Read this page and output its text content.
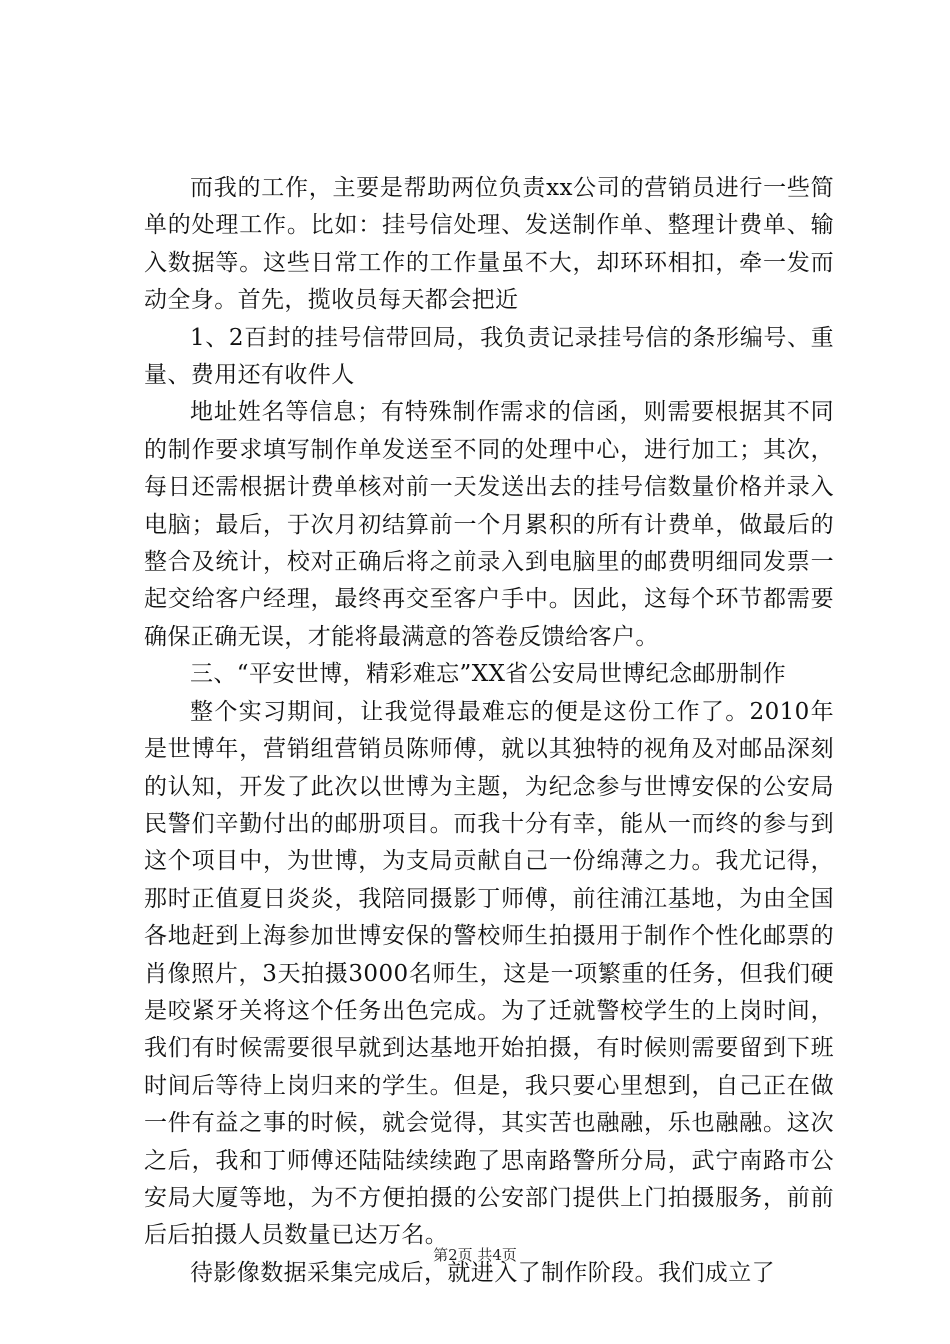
而我的工作，主要是帮助两位负责xx公司的营销员进行一些简单的处理工作。比如：挂号信处理、发送制作单、整理计费单、输入数据等。这些日常工作的工作量虽不大，却环环相扣，牵一发而动全身。首先，揽收员每天都会把近

1、2百封的挂号信带回局，我负责记录挂号信的条形编号、重量、费用还有收件人

地址姓名等信息；有特殊制作需求的信函，则需要根据其不同的制作要求填写制作单发送至不同的处理中心，进行加工；其次，每日还需根据计费单核对前一天发送出去的挂号信数量价格并录入电脑；最后，于次月初结算前一个月累积的所有计费单，做最后的整合及统计，校对正确后将之前录入到电脑里的邮费明细同发票一起交给客户经理，最终再交至客户手中。因此，这每个环节都需要确保正确无误，才能将最满意的答卷反馈给客户。

三、“平安世博，精彩难忘”XX省公安局世博纪念邮册制作

整个实习期间，让我觉得最难忘的便是这份工作了。2010年是世博年，营销组营销员陈师傅，就以其独特的视角及对邮品深刻的认知，开发了此次以世博为主题，为纪念参与世博安保的公安局民警们辛勤付出的邮册项目。而我十分有幸，能从一而终的参与到这个项目中，为世博，为支局贡献自己一份绵薄之力。我尤记得，那时正值夏日炎炎，我陪同摄影丁师傅，前往浦江基地，为由全国各地赶到上海参加世博安保的警校师生拍摄用于制作个性化邮票的肖像照片，3天拍摄3000名师生，这是一项繁重的任务，但我们硬是咬紧牙关将这个任务出色完成。为了迁就警校学生的上岗时间，我们有时候需要很早就到达基地开始拍摄，有时候则需要留到下班时间后等待上岗归来的学生。但是，我只要心里想到，自己正在做一件有益之事的时候，就会觉得，其实苦也融融，乐也融融。这次之后，我和丁师傅还陆陆续续跑了思南路警所分局，武宁南路市公安局大厦等地，为不方便拍摄的公安部门提供上门拍摄服务，前前后后拍摄人员数量已达万名。

待影像数据采集完成后，就进入了制作阶段。我们成立了

第2页 共4页
